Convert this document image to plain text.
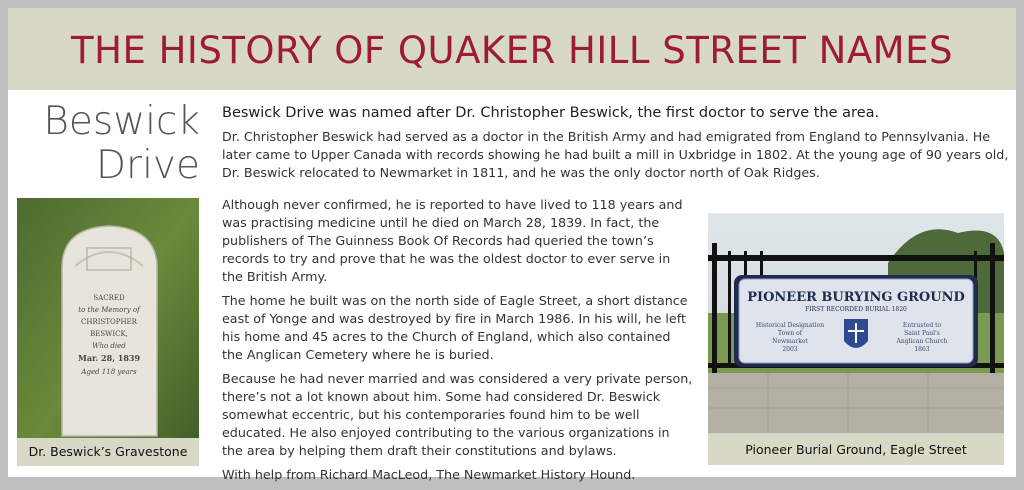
THE HISTORY OF QUAKER HILL STREET NAMES
Beswick
Drive
Beswick Drive was named after Dr. Christopher Beswick, the first doctor to serve the area.
Dr. Christopher Beswick had served as a doctor in the British Army and had emigrated from England to Pennsylvania. He later came to Upper Canada with records showing he had built a mill in Uxbridge in 1802. At the young age of 90 years old, Dr. Beswick relocated to Newmarket in 1811, and he was the only doctor north of Oak Ridges.

Although never confirmed, he is reported to have lived to 118 years and was practising medicine until he died on March 28, 1839. In fact, the publishers of The Guinness Book Of Records had queried the town’s records to try and prove that he was the oldest doctor to ever serve in the British Army.

The home he built was on the north side of Eagle Street, a short distance east of Yonge and was destroyed by fire in March 1986. In his will, he left his home and 45 acres to the Church of England, which also contained the Anglican Cemetery where he is buried.

Because he had never married and was considered a very private person, there’s not a lot known about him. Some had considered Dr. Beswick somewhat eccentric, but his contemporaries found him to be well educated. He also enjoyed contributing to the various organizations in the area by helping them draft their constitutions and bylaws.

With help from Richard MacLeod, The Newmarket History Hound.

SACRED
to the Memory of
CHRISTOPHER
BESWICK,
Who died
Mar. 28, 1839
Aged 118 years
Dr. Beswick’s Gravestone
PIONEER BURYING GROUND
FIRST RECORDED BURIAL 1820
Historical Designation
Town of
Newmarket
2003
Entrusted to
Saint Paul's
Anglican Church
1863
Pioneer Burial Ground, Eagle Street
